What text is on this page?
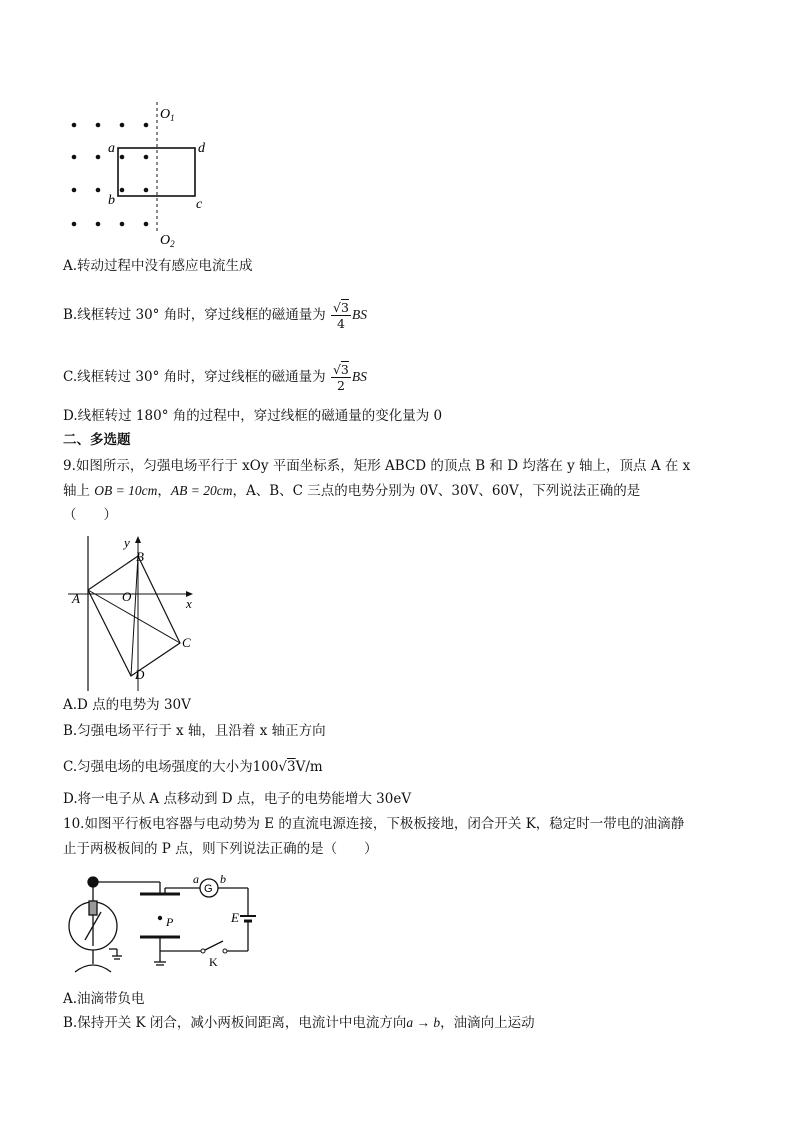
$O_1$
$O_2$
a
b	c
d
A.转动过程中没有感应电流生成
B.线框转过 30° 角时，穿过线框的磁通量为 $\frac{√3}{4}$ BS
C.线框转过 30° 角时，穿过线框的磁通量为 $\frac{√3}{2}$ BS
D.线框转过 180° 角的过程中，穿过线框的磁通量的变化量为 0
二、多选题
9.如图所示，匀强电场平行于 xOy 平面坐标系，矩形 ABCD 的顶点 B 和 D 均落在 y 轴上，顶点 A 在 x
轴上 OB = 10cm，AB = 20cm，A、B、C 三点的电势分别为 0V、30V、60V，下列说法正确的是
（　　）
y
x
A
B
C
D
O
A.D 点的电势为 30V
B.匀强电场平行于 x 轴，且沿着 x 轴正方向
C.匀强电场的电场强度的大小为100√3V/m
D.将一电子从 A 点移动到 D 点，电子的电势能增大 30eV
10.如图平行板电容器与电动势为 E 的直流电源连接，下极板接地，闭合开关 K，稳定时一带电的油滴静
止于两极板间的 P 点，则下列说法正确的是（　　）
a b
G
E
P
K
A.油滴带负电
B.保持开关 K 闭合，减小两板间距离，电流计中电流方向a → b，油滴向上运动
